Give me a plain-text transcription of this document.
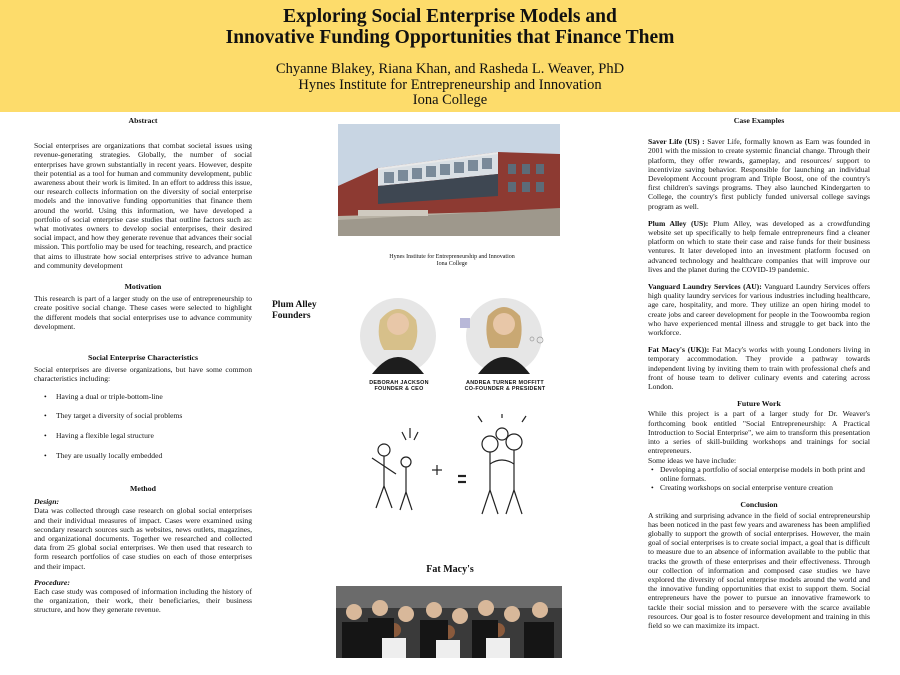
Exploring Social Enterprise Models and
Innovative Funding Opportunities that Finance Them
Chyanne Blakey, Riana Khan, and Rasheda L. Weaver, PhD
Hynes Institute for Entrepreneurship and Innovation
Iona College
Abstract
Social enterprises are organizations that combat societal issues using revenue-generating strategies. Globally, the number of social enterprises have grown substantially in recent years. However, despite their potential as a tool for human and community development, public awareness about their work is limited. In an effort to address this issue, our research collects information on the diversity of social enterprise models and the innovative funding opportunities that finance them around the world. Using this information, we have developed a portfolio of social enterprise case studies that outline factors such as: what motivates owners to develop social enterprises, their desired social impact, and how they generate revenue that advances their social mission. This portfolio may be used for teaching, research, and practice that aims to illustrate how social enterprises strive to advance human and community development
Motivation
This research is part of a larger study on the use of entrepreneurship to create positive social change. These cases were selected to highlight the different models that social enterprises use to advance community development.
Social Enterprise Characteristics
Social enterprises are diverse organizations, but have some common characteristics including:
• Having a dual or triple-bottom-line
• They target a diversity of social problems
• Having a flexible legal structure
• They are usually locally embedded
Method
Design:
Data was collected through case research on global social enterprises and their individual measures of impact. Cases were examined using secondary research sources such as websites, news outlets, magazines, and organizational documents. Together we researched and collected data from 25 global social enterprises. We then used that research to form research portfolios of case studies on each of those enterprises and their impact.
Procedure:
Each case study was composed of information including the history of the organization, their work, their beneficiaries, their business structure, and how they generate revenue.
Hynes Institute for Entrepreneurship and Innovation
Iona College
Plum Alley
Founders
DEBORAH JACKSON
FOUNDER & CEO
ANDREA TURNER MOFFITT
CO-FOUNDER & PRESIDENT
Fat Macy's
Case Examples
Saver Life (US) : Saver Life, formally known as Earn was founded in 2001 with the mission to create systemic financial change. Through their platform, they offer rewards, gameplay, and resources/ support to incentivize saving behavior. Responsible for launching an individual Development Account program and Triple Boost, one of the country's first children's savings programs. They also launched Kindergarten to College, the country's first publicly funded universal college savings program as well.
Plum Alley (US): Plum Alley, was developed as a crowdfunding website set up specifically to help female entrepreneurs find a cleaner platform on which to state their case and raise funds for their business ventures. It later developed into an investment platform focused on advanced technology and healthcare companies that will improve our lives and the planet during the COVID-19 pandemic.
Vanguard Laundry Services (AU): Vanguard Laundry Services offers high quality laundry services for various industries including healthcare, age care, hospitality, and more. They utilize an open hiring model to create jobs and career development for people in the Toowoomba region who have experienced mental illness and struggle to get back into the workforce.
Fat Macy's (UK)): Fat Macy's works with young Londoners living in temporary accommodation. They provide a pathway towards independent living by inviting them to train with professional chefs and front of house team to deliver culinary events and catering across London.
Future Work
While this project is a part of a larger study for Dr. Weaver's forthcoming book entitled "Social Entrepreneurship: A Practical Introduction to Social Enterprise", we aim to transform this presentation into a series of skill-building workshops and trainings for social entrepreneurs.
Some ideas we have include:
• Developing a portfolio of social enterprise models in both print and online formats.
• Creating workshops on social enterprise venture creation
Conclusion
A striking and surprising advance in the field of social entrepreneurship has been noticed in the past few years and awareness has been amplified globally to support the growth of social enterprises. However, the main goal of social enterprises is to create social impact, a goal that is difficult to measure due to an absence of information available to the public that tracks the growth of these enterprises and their effectiveness. Through our collection of information and composed case studies we have explored the diversity of social enterprise models around the world and the innovative funding opportunities that exist to support them. Social entrepreneurs have the power to pursue an innovative framework to tackle their social mission and to persevere with the scarce available resources. Our goal is to foster resource development and training in this field so we can maximize its impact.
